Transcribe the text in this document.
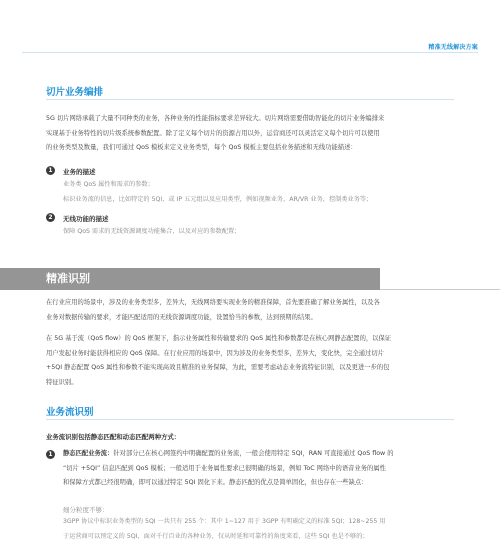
精准无线解决方案
切片业务编排

5G 切片网络承载了大量不同种类的业务，各种业务的性能指标要求差异较大。切片网络需要借助智能化的切片业务编排来
实现基于业务特性的切片级系统参数配置。除了定义每个切片的资源占用以外，运营商还可以灵活定义每个切片可以使用
的业务类型及数量，我们可通过 QoS 模板来定义业务类型，每个 QoS 模板主要包括业务描述和无线功能描述：

1	业务的描述

业务类 QoS 属性和需求的参数；
标识业务流的信息，比如特定的 5QI，或 IP 五元组以及应用类型，例如视频业务，AR/VR 业务，控制类业务等；

2	无线功能的描述

保障 QoS 需求的无线资源调度功能集合，以及对应的参数配置；

精准识别

在行业应用的场景中，涉及的业务类型多，差异大，无线网络要实现业务的精准保障，首先要准确了解业务属性，以及各
业务对数据传输的要求，才能匹配适用的无线资源调度功能，设置恰当的参数，达到预期的结果。

在 5G 基于流（QoS flow）的 QoS 框架下，指示业务属性和传输要求的 QoS 属性和参数都是在核心网静态配置的，以保证
用户发起业务时能获得相应的 QoS 保障。在行业应用的场景中，因为涉及的业务类型多，差异大，变化快，完全通过切片
+5QI 静态配置 QoS 属性和参数不能实现高效且精准的业务保障，为此，需要考虑动态业务流特征识别，以及更进一步的包
特征识别。

业务流识别
业务流识别包括静态匹配和动态匹配两种方式：
1	静态匹配业务流：针对部分已在核心网签约中明确配置的业务流，一般会使用特定 5QI，RAN 可直接通过 QoS flow 的
“切片 +5QI” 信息匹配到 QoS 模板；一般适用于业务属性要求已很明确的场景，例如 ToC 网络中的语音业务的属性
和保障方式都已经很明确，即可以通过特定 5QI 固化下来。静态匹配的优点是简单固化，但也存在一些缺点：

细分粒度不够：

3GPP 协议中标识业务类型的 5QI 一共只有 255 个：其中 1~127 用于 3GPP 有明确定义的标准 5QI；128~255 用
于运营商可以预定义的 5QI，面对千行百业的各种业务，仅从时延和可靠性的角度来看，这些 5QI 也是不够的；
